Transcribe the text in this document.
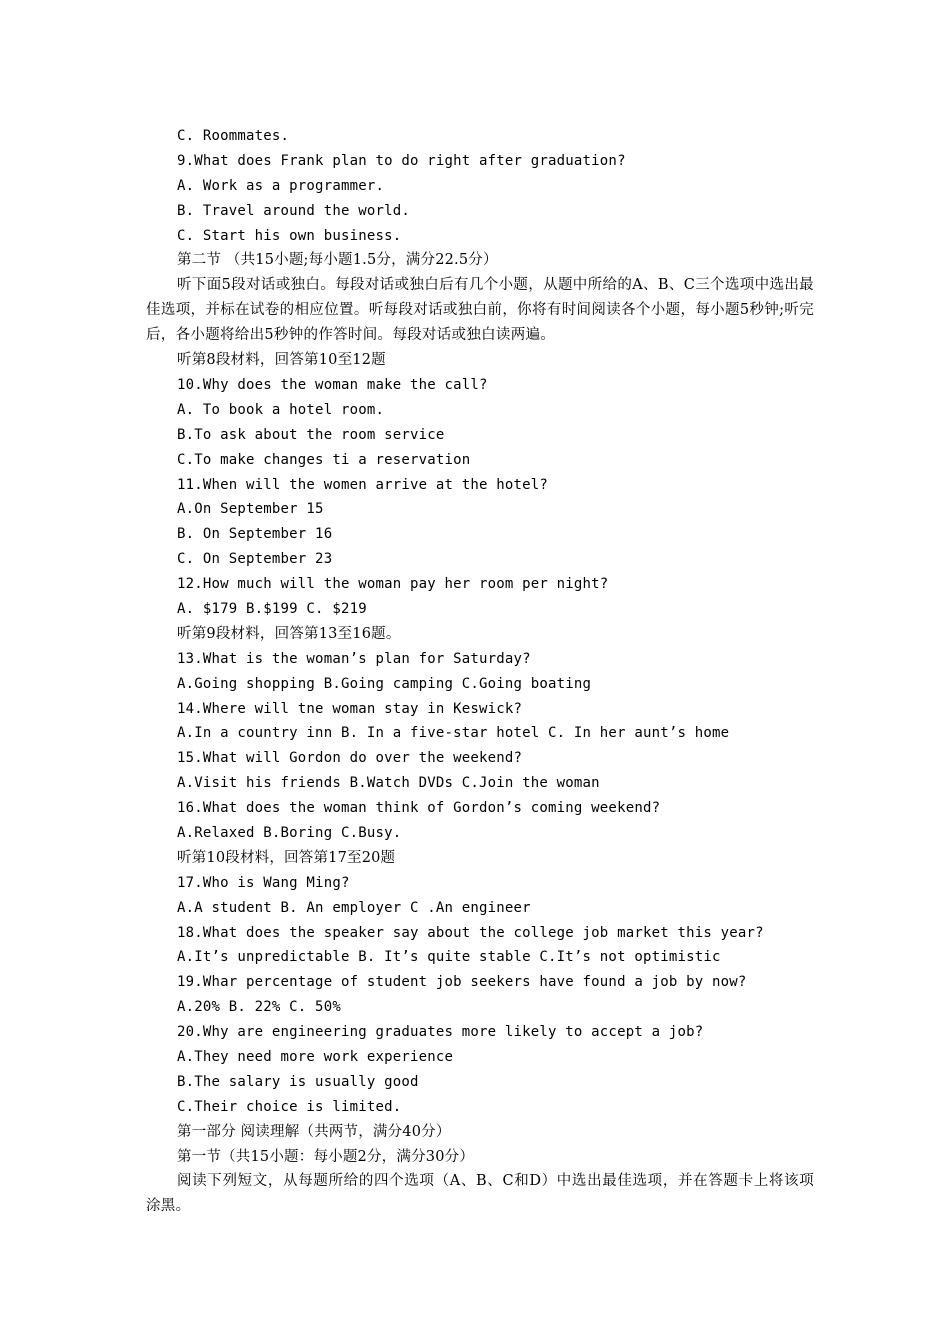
C. Roommates.
9.What does Frank plan to do right after graduation?
A. Work as a programmer.
B. Travel around the world.
C. Start his own business.
第二节 （共15小题;每小题1.5分，满分22.5分）
听下面5段对话或独白。每段对话或独白后有几个小题，从题中所给的A、B、C三个选项中选出最佳选项，并标在试卷的相应位置。听每段对话或独白前，你将有时间阅读各个小题，每小题5秒钟;听完后，各小题将给出5秒钟的作答时间。每段对话或独白读两遍。
听第8段材料，回答第10至12题
10.Why does the woman make the call?
A. To book a hotel room.
B.To ask about the room service
C.To make changes ti a reservation
11.When will the women arrive at the hotel?
A.On September 15
B. On September 16
C. On September 23
12.How much will the woman pay her room per night?
A. $179 B.$199 C. $219
听第9段材料，回答第13至16题。
13.What is the woman’s plan for Saturday?
A.Going shopping B.Going camping C.Going boating
14.Where will tne woman stay in Keswick?
A.In a country inn B. In a five-star hotel C. In her aunt’s home
15.What will Gordon do over the weekend?
A.Visit his friends B.Watch DVDs C.Join the woman
16.What does the woman think of Gordon’s coming weekend?
A.Relaxed B.Boring C.Busy.
听第10段材料，回答第17至20题
17.Who is Wang Ming?
A.A student B. An employer C .An engineer
18.What does the speaker say about the college job market this year?
A.It’s unpredictable B. It’s quite stable C.It’s not optimistic
19.Whar percentage of student job seekers have found a job by now?
A.20% B. 22% C. 50%
20.Why are engineering graduates more likely to accept a job?
A.They need more work experience
B.The salary is usually good
C.Their choice is limited.
第一部分 阅读理解（共两节，满分40分）
第一节（共15小题：每小题2分，满分30分）
阅读下列短文，从每题所给的四个选项（A、B、C和D）中选出最佳选项，并在答题卡上将该项涂黑。
